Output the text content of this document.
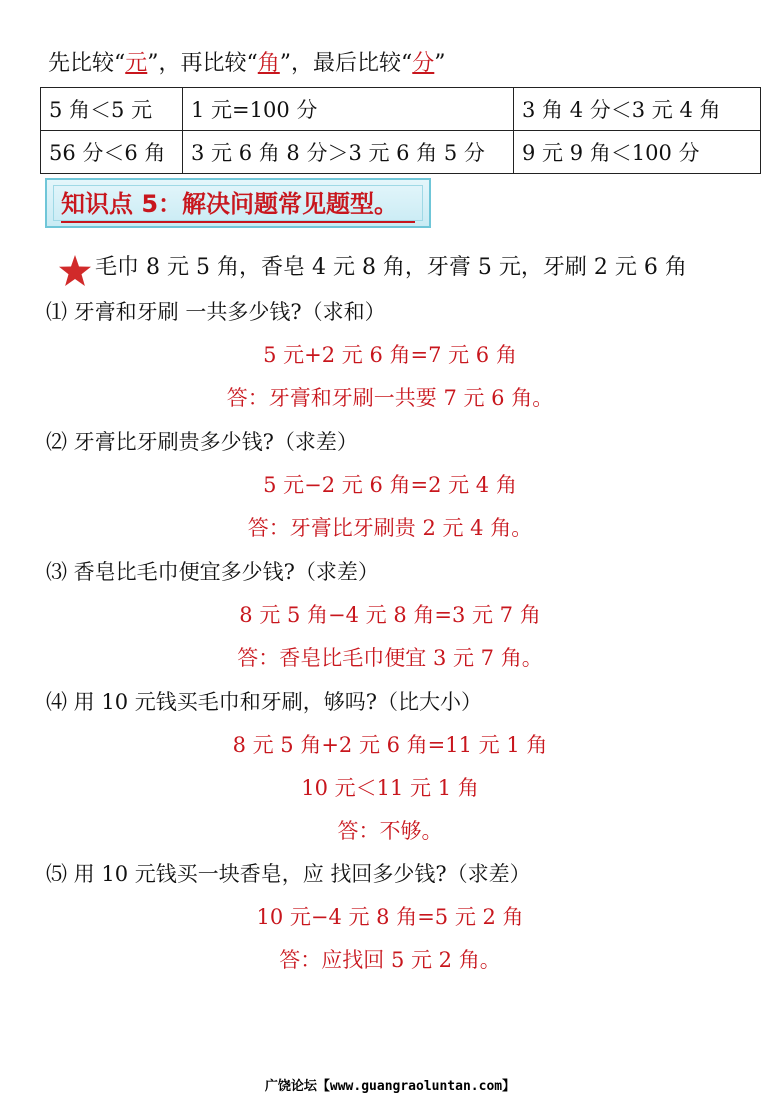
先比较“元”，再比较“角”，最后比较“分”
5 角＜5 元	1 元=100 分	3 角 4 分＜3 元 4 角
56 分＜6 角	3 元 6 角 8 分＞3 元 6 角 5 分	9 元 9 角＜100 分
知识点 5：解决问题常见题型。
毛巾 8 元 5 角，香皂 4 元 8 角，牙膏 5 元，牙刷 2 元 6 角
⑴ 牙膏和牙刷 一共多少钱?（求和）
5 元+2 元 6 角=7 元 6 角
答：牙膏和牙刷一共要 7 元 6 角。
⑵ 牙膏比牙刷贵多少钱?（求差）
5 元−2 元 6 角=2 元 4 角
答：牙膏比牙刷贵 2 元 4 角。
⑶ 香皂比毛巾便宜多少钱?（求差）
8 元 5 角−4 元 8 角=3 元 7 角
答：香皂比毛巾便宜 3 元 7 角。
⑷ 用 10 元钱买毛巾和牙刷，够吗?（比大小）
8 元 5 角+2 元 6 角=11 元 1 角
10 元＜11 元 1 角
答：不够。
⑸ 用 10 元钱买一块香皂，应 找回多少钱?（求差）
10 元−4 元 8 角=5 元 2 角
答：应找回 5 元 2 角。
广饶论坛【www.guangraoluntan.com】
